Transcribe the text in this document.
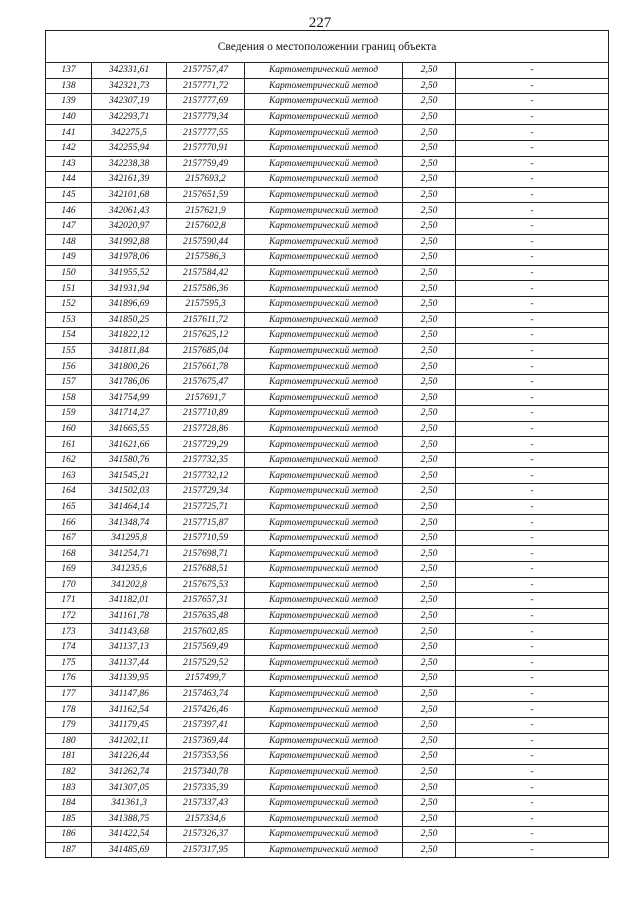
227
Сведения о местоположении границ объекта					
137	342331,61	2157757,47	Картометрический метод	2,50	-
138	342321,73	2157771,72	Картометрический метод	2,50	-
139	342307,19	2157777,69	Картометрический метод	2,50	-
140	342293,71	2157779,34	Картометрический метод	2,50	-
141	342275,5	2157777,55	Картометрический метод	2,50	-
142	342255,94	2157770,91	Картометрический метод	2,50	-
143	342238,38	2157759,49	Картометрический метод	2,50	-
144	342161,39	2157693,2	Картометрический метод	2,50	-
145	342101,68	2157651,59	Картометрический метод	2,50	-
146	342061,43	2157621,9	Картометрический метод	2,50	-
147	342020,97	2157602,8	Картометрический метод	2,50	-
148	341992,88	2157590,44	Картометрический метод	2,50	-
149	341978,06	2157586,3	Картометрический метод	2,50	-
150	341955,52	2157584,42	Картометрический метод	2,50	-
151	341931,94	2157586,36	Картометрический метод	2,50	-
152	341896,69	2157595,3	Картометрический метод	2,50	-
153	341850,25	2157611,72	Картометрический метод	2,50	-
154	341822,12	2157625,12	Картометрический метод	2,50	-
155	341811,84	2157685,04	Картометрический метод	2,50	-
156	341800,26	2157661,78	Картометрический метод	2,50	-
157	341786,06	2157675,47	Картометрический метод	2,50	-
158	341754,99	2157691,7	Картометрический метод	2,50	-
159	341714,27	2157710,89	Картометрический метод	2,50	-
160	341665,55	2157728,86	Картометрический метод	2,50	-
161	341621,66	2157729,29	Картометрический метод	2,50	-
162	341580,76	2157732,35	Картометрический метод	2,50	-
163	341545,21	2157732,12	Картометрический метод	2,50	-
164	341502,03	2157729,34	Картометрический метод	2,50	-
165	341464,14	2157725,71	Картометрический метод	2,50	-
166	341348,74	2157715,87	Картометрический метод	2,50	-
167	341295,8	2157710,59	Картометрический метод	2,50	-
168	341254,71	2157698,71	Картометрический метод	2,50	-
169	341235,6	2157688,51	Картометрический метод	2,50	-
170	341202,8	2157675,53	Картометрический метод	2,50	-
171	341182,01	2157657,31	Картометрический метод	2,50	-
172	341161,78	2157635,48	Картометрический метод	2,50	-
173	341143,68	2157602,85	Картометрический метод	2,50	-
174	341137,13	2157569,49	Картометрический метод	2,50	-
175	341137,44	2157529,52	Картометрический метод	2,50	-
176	341139,95	2157499,7	Картометрический метод	2,50	-
177	341147,86	2157463,74	Картометрический метод	2,50	-
178	341162,54	2157426,46	Картометрический метод	2,50	-
179	341179,45	2157397,41	Картометрический метод	2,50	-
180	341202,11	2157369,44	Картометрический метод	2,50	-
181	341226,44	2157353,56	Картометрический метод	2,50	-
182	341262,74	2157340,78	Картометрический метод	2,50	-
183	341307,05	2157335,39	Картометрический метод	2,50	-
184	341361,3	2157337,43	Картометрический метод	2,50	-
185	341388,75	2157334,6	Картометрический метод	2,50	-
186	341422,54	2157326,37	Картометрический метод	2,50	-
187	341485,69	2157317,95	Картометрический метод	2,50	-
